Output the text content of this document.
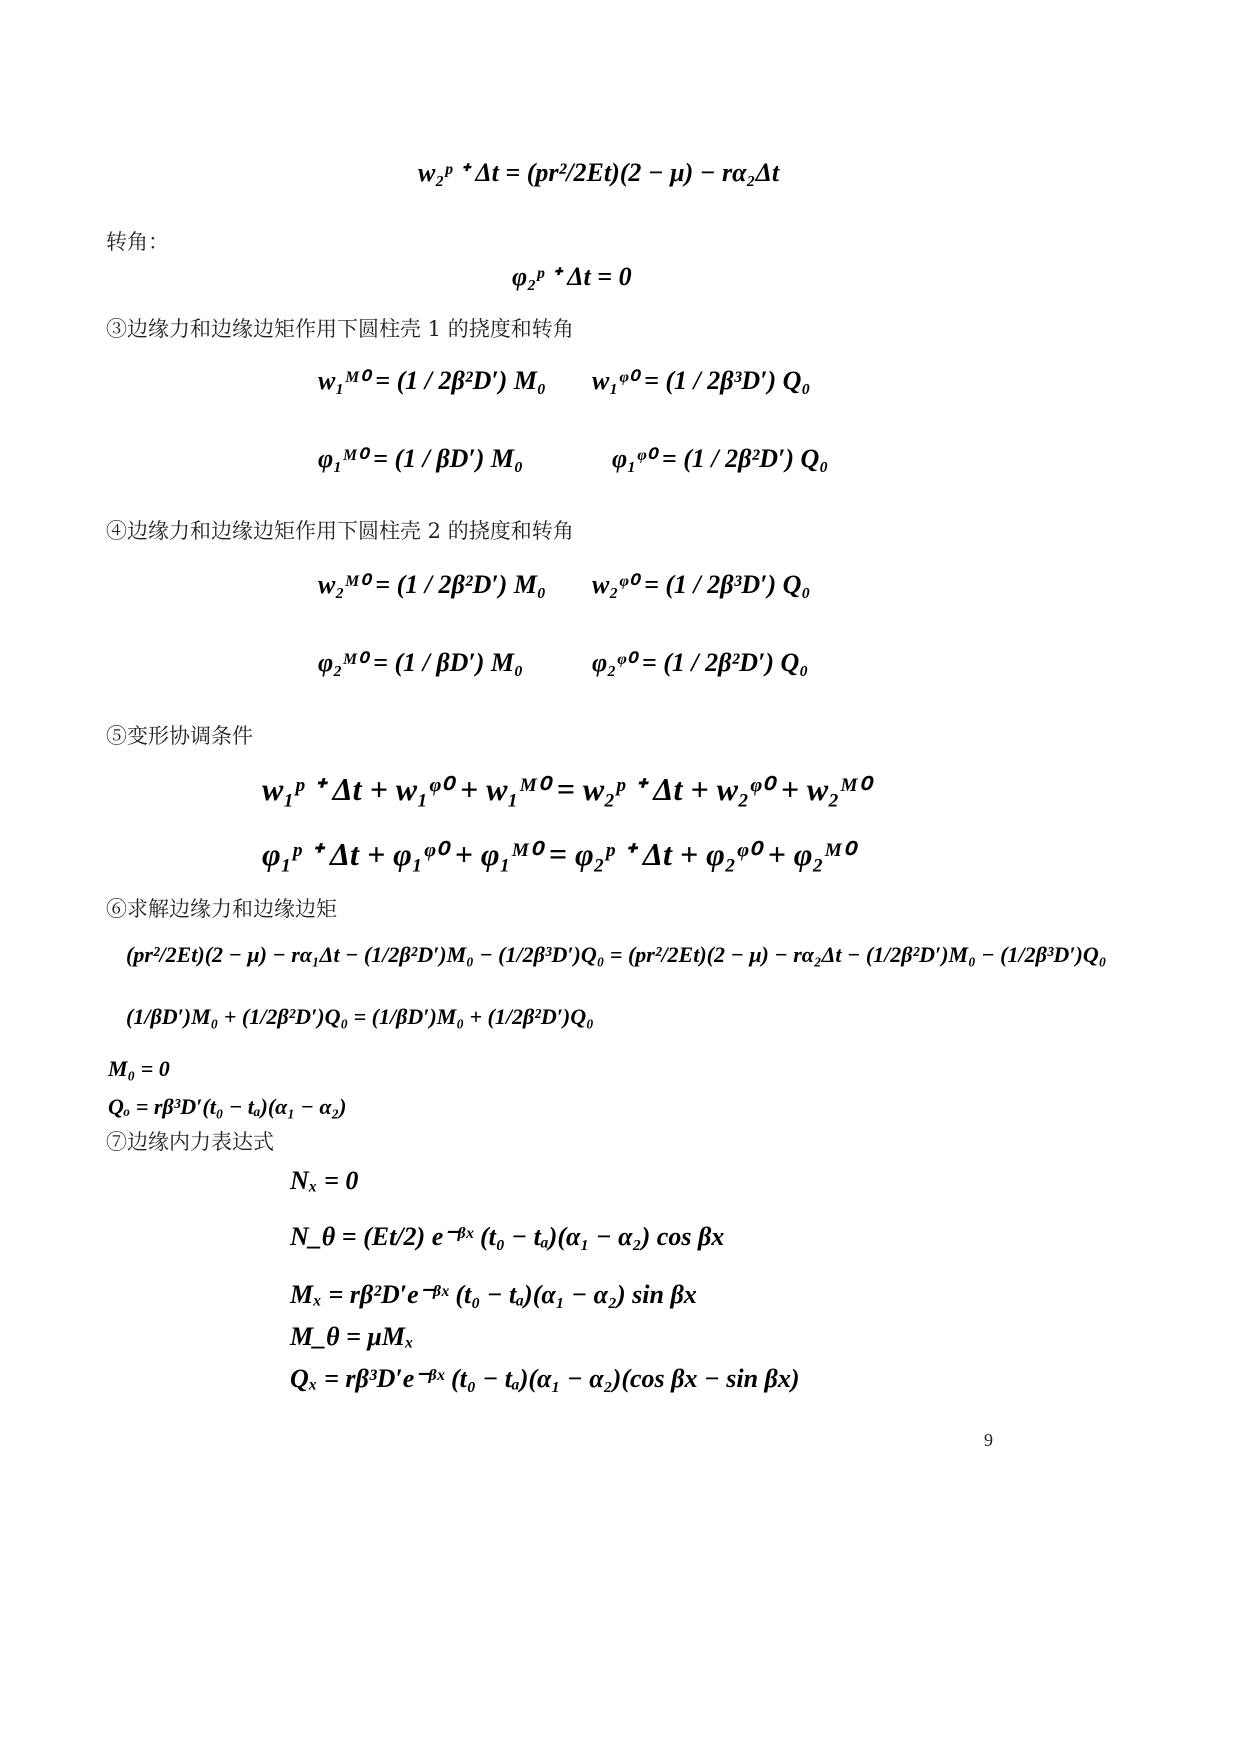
w₂ᵖ ᐩ Δt = (pr²/2Et)(2 − μ) − rα₂Δt
转角：
φ₂ᵖ ᐩ Δt = 0
③边缘力和边缘边矩作用下圆柱壳 1 的挠度和转角
w₁ᴹ⁰ = (1 / 2β²D′) M₀ w₁ᵠ⁰ = (1 / 2β³D′) Q₀
φ₁ᴹ⁰ = (1 / βD′) M₀	φ₁ᵠ⁰ = (1 / 2β²D′) Q₀
④边缘力和边缘边矩作用下圆柱壳 2 的挠度和转角
w₂ᴹ⁰ = (1 / 2β²D′) M₀ w₂ᵠ⁰ = (1 / 2β³D′) Q₀
φ₂ᴹ⁰ = (1 / βD′) M₀	φ₂ᵠ⁰ = (1 / 2β²D′) Q₀
⑤变形协调条件
w₁ᵖ ᐩ Δt + w₁ᵠ⁰ + w₁ᴹ⁰ = w₂ᵖ ᐩ Δt + w₂ᵠ⁰ + w₂ᴹ⁰
φ₁ᵖ ᐩ Δt + φ₁ᵠ⁰ + φ₁ᴹ⁰ = φ₂ᵖ ᐩ Δt + φ₂ᵠ⁰ + φ₂ᴹ⁰
⑥求解边缘力和边缘边矩
(pr²/2Et)(2 − μ) − rα₁Δt − (1/2β²D′)M₀ − (1/2β³D′)Q₀ = (pr²/2Et)(2 − μ) − rα₂Δt − (1/2β²D′)M₀ − (1/2β³D′)Q₀
(1/βD′)M₀ + (1/2β²D′)Q₀ = (1/βD′)M₀ + (1/2β²D′)Q₀
M₀ = 0
Qₒ = rβ³D′(t₀ − tₐ)(α₁ − α₂)
⑦边缘内力表达式
Nₓ = 0
N_θ = (Et/2) e⁻ᵝˣ (t₀ − tₐ)(α₁ − α₂) cos βx
Mₓ = rβ²D′e⁻ᵝˣ (t₀ − tₐ)(α₁ − α₂) sin βx
M_θ = μMₓ
Qₓ = rβ³D′e⁻ᵝˣ (t₀ − tₐ)(α₁ − α₂)(cos βx − sin βx)
9
